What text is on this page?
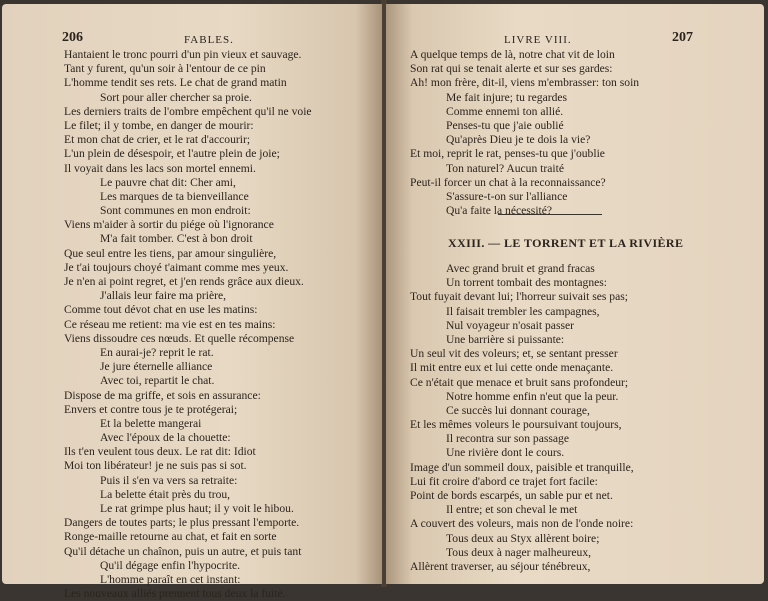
206	FABLES.
Hantaient le tronc pourri d'un pin vieux et sauvage.
Tant y furent, qu'un soir à l'entour de ce pin
L'homme tendit ses rets. Le chat de grand matin
Sort pour aller chercher sa proie.
Les derniers traits de l'ombre empêchent qu'il ne voie
Le filet; il y tombe, en danger de mourir:
Et mon chat de crier, et le rat d'accourir;
L'un plein de désespoir, et l'autre plein de joie;
Il voyait dans les lacs son mortel ennemi.
Le pauvre chat dit: Cher ami,
Les marques de ta bienveillance
Sont communes en mon endroit:
Viens m'aider à sortir du piége où l'ignorance
M'a fait tomber. C'est à bon droit
Que seul entre les tiens, par amour singulière,
Je t'ai toujours choyé t'aimant comme mes yeux.
Je n'en ai point regret, et j'en rends grâce aux dieux.
J'allais leur faire ma prière,
Comme tout dévot chat en use les matins:
Ce réseau me retient: ma vie est en tes mains:
Viens dissoudre ces nœuds. Et quelle récompense
En aurai-je? reprit le rat.
Je jure éternelle alliance
Avec toi, repartit le chat.
Dispose de ma griffe, et sois en assurance:
Envers et contre tous je te protégerai;
Et la belette mangerai
Avec l'époux de la chouette:
Ils t'en veulent tous deux. Le rat dit: Idiot
Moi ton libérateur! je ne suis pas si sot.
Puis il s'en va vers sa retraite:
La belette était près du trou,
Le rat grimpe plus haut; il y voit le hibou.
Dangers de toutes parts; le plus pressant l'emporte.
Ronge-maille retourne au chat, et fait en sorte
Qu'il détache un chaînon, puis un autre, et puis tant
Qu'il dégage enfin l'hypocrite.
L'homme paraît en cet instant:
Les nouveaux alliés prennent tous deux la fuite.
207
LIVRE VIII.
A quelque temps de là, notre chat vit de loin
Son rat qui se tenait alerte et sur ses gardes:
Ah! mon frère, dit-il, viens m'embrasser: ton soin
Me fait injure; tu regardes
Comme ennemi ton allié.
Penses-tu que j'aie oublié
Qu'après Dieu je te dois la vie?
Et moi, reprit le rat, penses-tu que j'oublie
Ton naturel? Aucun traité
Peut-il forcer un chat à la reconnaissance?
S'assure-t-on sur l'alliance
Qu'a faite la nécessité?
XXIII. — LE TORRENT ET LA RIVIÈRE
Avec grand bruit et grand fracas
Un torrent tombait des montagnes:
Tout fuyait devant lui; l'horreur suivait ses pas;
Il faisait trembler les campagnes,
Nul voyageur n'osait passer
Une barrière si puissante:
Un seul vit des voleurs; et, se sentant presser
Il mit entre eux et lui cette onde menaçante.
Ce n'était que menace et bruit sans profondeur;
Notre homme enfin n'eut que la peur.
Ce succès lui donnant courage,
Et les mêmes voleurs le poursuivant toujours,
Il recontra sur son passage
Une rivière dont le cours.
Image d'un sommeil doux, paisible et tranquille,
Lui fit croire d'abord ce trajet fort facile:
Point de bords escarpés, un sable pur et net.
Il entre; et son cheval le met
A couvert des voleurs, mais non de l'onde noire:
Tous deux au Styx allèrent boire;
Tous deux à nager malheureux,
Allèrent traverser, au séjour ténébreux,
